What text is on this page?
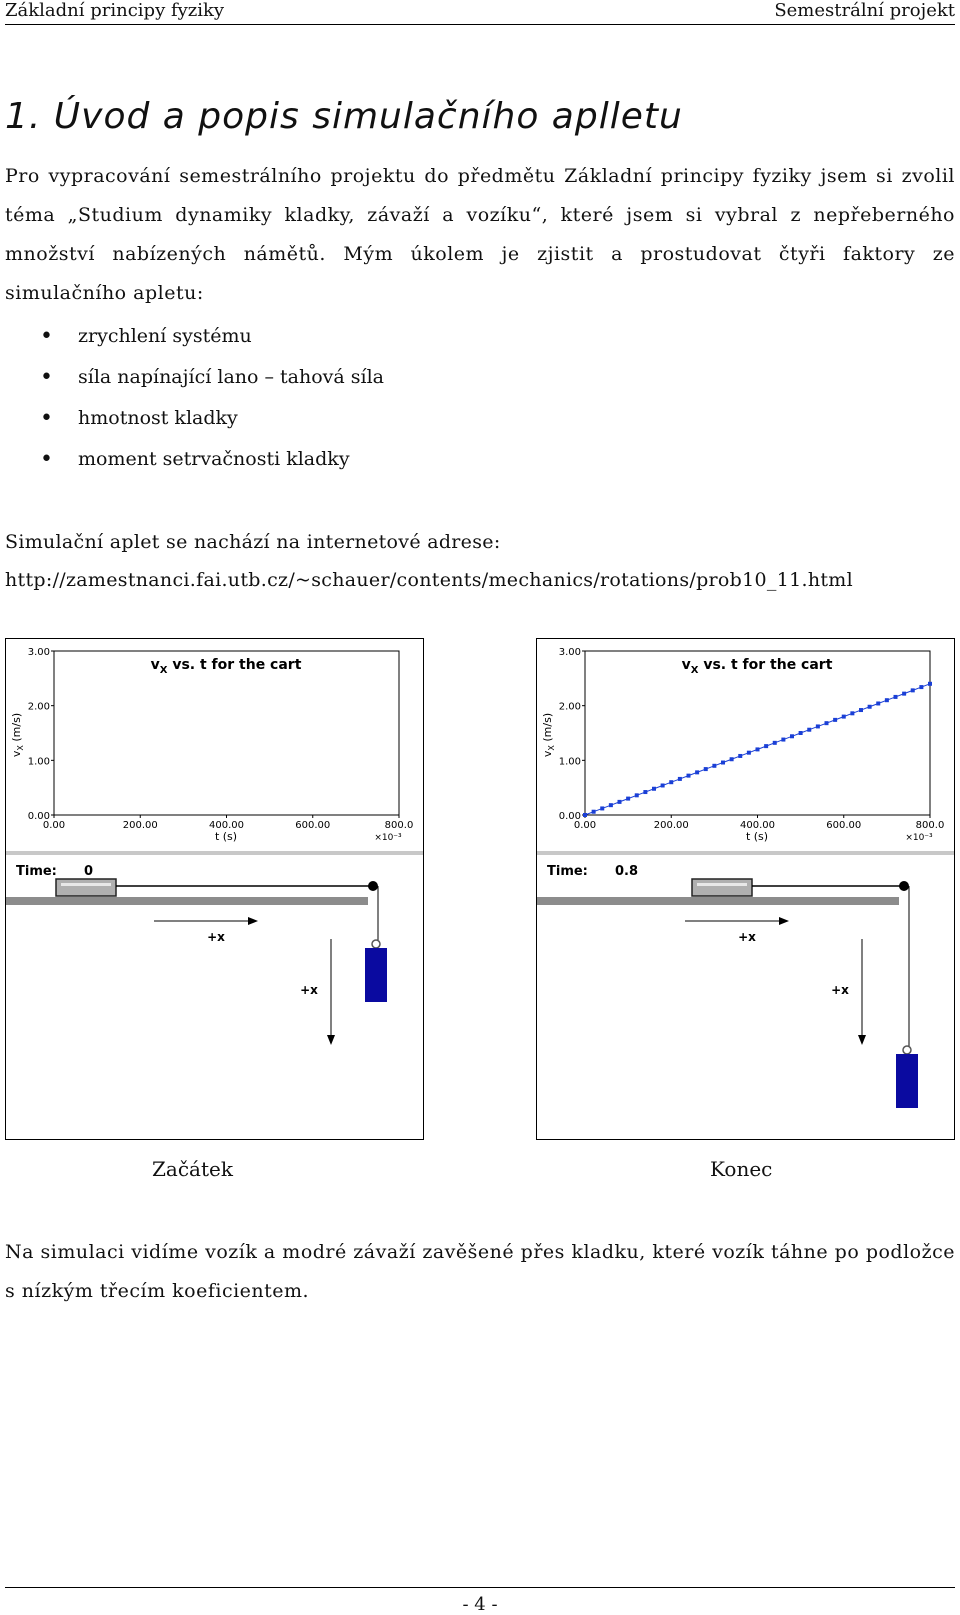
Základní principy fyziky	Semestrální projekt
1. Úvod a popis simulačního aplletu
Pro vypracování semestrálního projektu do předmětu Základní principy fyziky jsem si zvolil téma „Studium dynamiky kladky, závaží a vozíku“, které jsem si vybral z nepřeberného množství nabízených námětů. Mým úkolem je zjistit a prostudovat čtyři faktory ze simulačního apletu:
• zrychlení systému
• síla napínající lano – tahová síla
• hmotnost kladky
• moment setrvačnosti kladky
Simulační aplet se nachází na internetové adrese:
http://zamestnanci.fai.utb.cz/~schauer/contents/mechanics/rotations/prob10_11.html
0.00
1.00
2.00
3.00
0.00	200.00	400.00	600.00	800.0
$v_X$ vs. t for the cart
$v_X$ (m/s)
t (s)	×10⁻³
Time: 0
+x
+x
0.00
1.00
2.00
3.00
0.00	200.00	400.00	600.00	800.0
$v_X$ vs. t for the cart
$v_X$ (m/s)
t (s)	×10⁻³
Time: 0.8
+x
+x
Začátek	Konec
Na simulaci vidíme vozík a modré závaží zavěšené přes kladku, které vozík táhne po podložce s nízkým třecím koeficientem.
- 4 -
